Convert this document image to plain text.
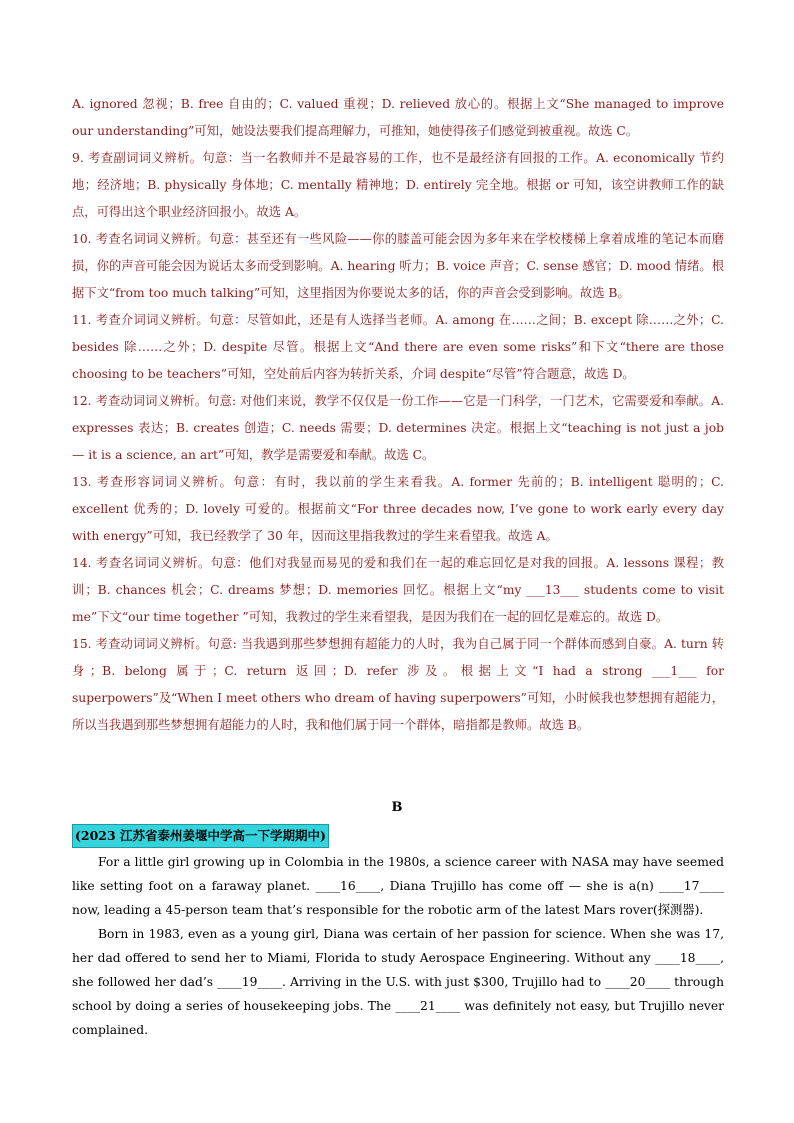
A. ignored 忽视；B. free 自由的；C. valued 重视；D. relieved 放心的。根据上文“She managed to improve our understanding”可知，她设法要我们提高理解力，可推知，她使得孩子们感觉到被重视。故选 C。

9. 考查副词词义辨析。句意：当一名教师并不是最容易的工作，也不是最经济有回报的工作。A. economically 节约地；经济地；B. physically 身体地；C. mentally 精神地；D. entirely 完全地。根据 or 可知，该空讲教师工作的缺点，可得出这个职业经济回报小。故选 A。

10. 考查名词词义辨析。句意：甚至还有一些风险——你的膝盖可能会因为多年来在学校楼梯上拿着成堆的笔记本而磨损，你的声音可能会因为说话太多而受到影响。A. hearing 听力；B. voice 声音；C. sense 感官；D. mood 情绪。根据下文“from too much talking”可知，这里指因为你要说太多的话，你的声音会受到影响。故选 B。

11. 考查介词词义辨析。句意：尽管如此，还是有人选择当老师。A. among 在……之间；B. except 除……之外；C. besides 除……之外；D. despite 尽管。根据上文“And there are even some risks”和下文“there are those choosing to be teachers”可知，空处前后内容为转折关系，介词 despite“尽管”符合题意，故选 D。

12. 考查动词词义辨析。句意: 对他们来说，教学不仅仅是一份工作——它是一门科学，一门艺术，它需要爱和奉献。A. expresses 表达；B. creates 创造；C. needs 需要；D. determines 决定。根据上文“teaching is not just a job — it is a science, an art”可知，教学是需要爱和奉献。故选 C。

13. 考查形容词词义辨析。句意：有时，我以前的学生来看我。A. former 先前的；B. intelligent 聪明的；C. excellent 优秀的；D. lovely 可爱的。根据前文“For three decades now, I’ve gone to work early every day with energy”可知，我已经教学了 30 年，因而这里指我教过的学生来看望我。故选 A。

14. 考查名词词义辨析。句意：他们对我显而易见的爱和我们在一起的难忘回忆是对我的回报。A. lessons 课程；教训；B. chances 机会；C. dreams 梦想；D. memories 回忆。根据上文“my ___13___ students come to visit me”下文“our time together ”可知，我教过的学生来看望我，是因为我们在一起的回忆是难忘的。故选 D。

15. 考查动词词义辨析。句意: 当我遇到那些梦想拥有超能力的人时，我为自己属于同一个群体而感到自豪。A. turn 转身；B. belong 属于；C. return 返回；D. refer 涉及。根据上文“I had a strong ___1___ for superpowers”及“When I meet others who dream of having superpowers”可知，小时候我也梦想拥有超能力，所以当我遇到那些梦想拥有超能力的人时，我和他们属于同一个群体，暗指都是教师。故选 B。

B
(2023 江苏省泰州姜堰中学高一下学期期中)

For a little girl growing up in Colombia in the 1980s, a science career with NASA may have seemed like setting foot on a faraway planet. ____16____, Diana Trujillo has come off — she is a(n) ____17____ now, leading a 45-person team that’s responsible for the robotic arm of the latest Mars rover(探测器).

Born in 1983, even as a young girl, Diana was certain of her passion for science. When she was 17, her dad offered to send her to Miami, Florida to study Aerospace Engineering. Without any ____18____, she followed her dad’s ____19____. Arriving in the U.S. with just $300, Trujillo had to ____20____ through school by doing a series of housekeeping jobs. The ____21____ was definitely not easy, but Trujillo never complained.
